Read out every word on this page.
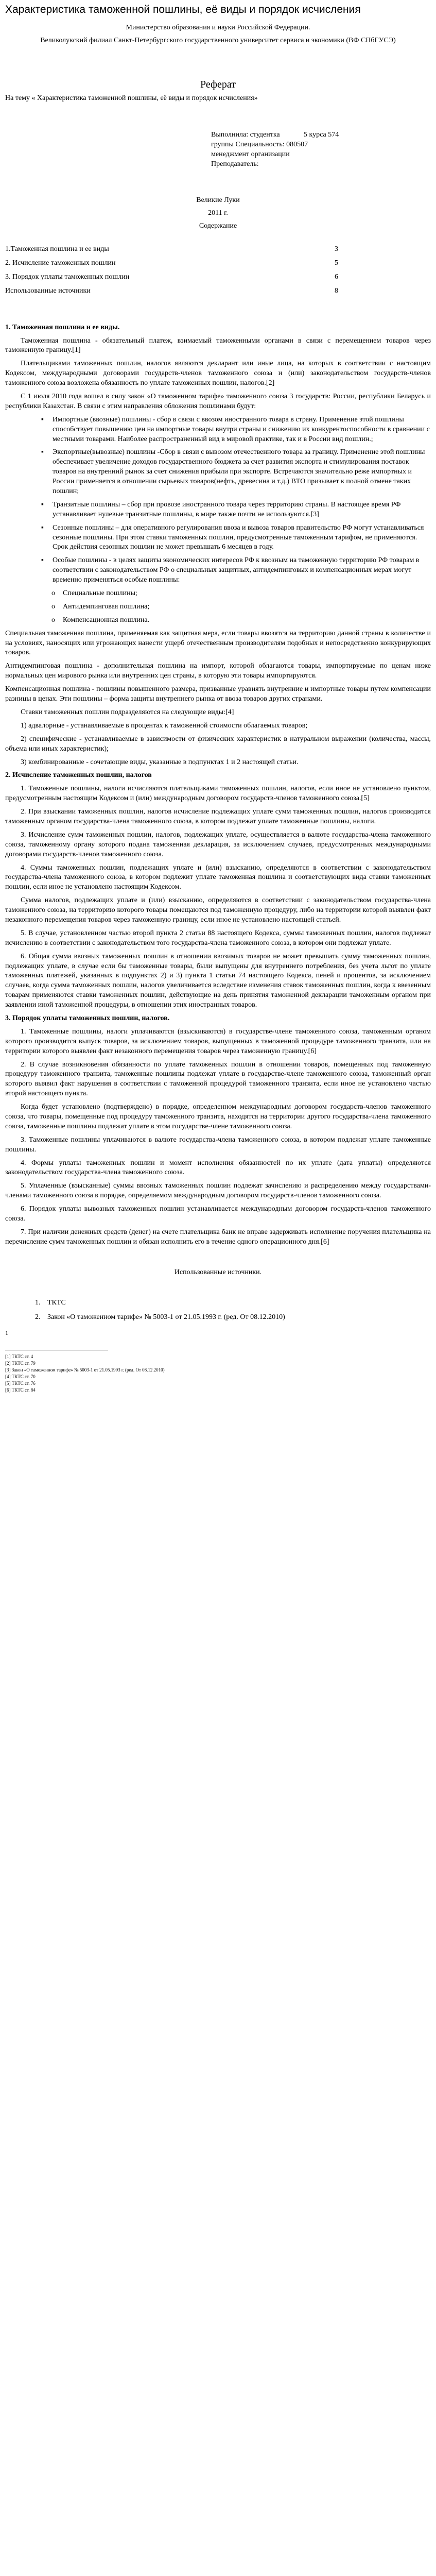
Характеристика таможенной пошлины, её виды и порядок исчисления

Министерство образования и науки Российской Федерации.

Великолукский филиал Санкт-Петербургского государственного университет сервиса и экономики (ВФ СПбГУСЭ)

Реферат

На тему « Характеристика таможенной пошлины, её виды и порядок исчисления»

Выполнила: студентка	5 курса 574
группы Специальность: 080507
менеджмент организации
Преподаватель:

Великие Луки

2011 г.

Содержание

1.Таможенная пошлина и ее виды	3
2. Исчисление таможенных пошлин	5
3. Порядок уплаты таможенных пошлин	6
Использованные источники	8

1. Таможенная пошлина и ее виды.

Таможенная пошлина - обязательный платеж, взимаемый таможенными органами в связи с перемещением товаров через таможенную границу.[1]

Плательщиками таможенных пошлин, налогов являются декларант или иные лица, на которых в соответствии с настоящим Кодексом, международными договорами государств-членов таможенного союза и (или) законодательством государств-членов таможенного союза возложена обязанность по уплате таможенных пошлин, налогов.[2]

С 1 июля 2010 года вошел в силу закон «О таможенном тарифе» таможенного союза 3 государств: России, республики Беларусь и республики Казахстан. В связи с этим направления обложения пошлинами будут:

▪	Импортные (ввозные) пошлины - сбор в связи с ввозом иностранного товара в страну. Применение этой пошлины способствует повышению цен на импортные товары внутри страны и снижению их конкурентоспособности в сравнении с местными товарами. Наиболее распространенный вид в мировой практике, так и в России вид пошлин.;
▪	Экспортные(вывозные) пошлины -Сбор в связи с вывозом отечественного товара за границу. Применение этой пошлины обеспечивает увеличение доходов государственного бюджета за счет развития экспорта и стимулирования поставок товаров на внутренний рынок за счет снижения прибыли при экспорте. Встречаются значительно реже импортных и России применяется в отношении сырьевых товаров(нефть, древесина и т.д.) ВТО призывает к полной отмене таких пошлин;
▪	Транзитные пошлины – сбор при провозе иностранного товара через территорию страны. В настоящее время РФ устанавливает нулевые транзитные пошлины, в мире также почти не используются.[3]
▪	Сезонные пошлины – для оперативного регулирования ввоза и вывоза товаров правительство РФ могут устанавливаться сезонные пошлины. При этом ставки таможенных пошлин, предусмотренные таможенным тарифом, не применяются. Срок действия сезонных пошлин не может превышать 6 месяцев в году.
▪	Особые пошлины - в целях защиты экономических интересов РФ к ввозным на таможенную территорию РФ товарам в соответствии с законодательством РФ о специальных защитных, антидемпинговых и компенсационных мерах могут временно применяться особые пошлины:
o	Специальные пошлины;
o	Антидемпинговая пошлина;
o	Компенсационная пошлина.

Специальная таможенная пошлина, применяемая как защитная мера, если товары ввозятся на территорию данной страны в количестве и на условиях, наносящих или угрожающих нанести ущерб отечественным производителям подобных и непосредственно конкурирующих товаров.

Антидемпинговая пошлина - дополнительная пошлина на импорт, которой облагаются товары, импортируемые по ценам ниже нормальных цен мирового рынка или внутренних цен страны, в которую эти товары импортируются.

Компенсационная пошлина - пошлины повышенного размера, призванные уравнять внутренние и импортные товары путем компенсации разницы в ценах. Эти пошлины – форма защиты внутреннего рынка от ввоза товаров других странами.

Ставки таможенных пошлин подразделяются на следующие виды:[4]

1) адвалорные - устанавливаемые в процентах к таможенной стоимости облагаемых товаров;

2) специфические - устанавливаемые в зависимости от физических характеристик в натуральном выражении (количества, массы, объема или иных характеристик);

3) комбинированные - сочетающие виды, указанные в подпунктах 1 и 2 настоящей статьи.

2. Исчисление таможенных пошлин, налогов

1. Таможенные пошлины, налоги исчисляются плательщиками таможенных пошлин, налогов, если иное не установлено пунктом, предусмотренным настоящим Кодексом и (или) международным договором государств-членов таможенного союза.[5]

2. При взыскании таможенных пошлин, налогов исчисление подлежащих уплате сумм таможенных пошлин, налогов производится таможенным органом государства-члена таможенного союза, в котором подлежат уплате таможенные пошлины, налоги.

3. Исчисление сумм таможенных пошлин, налогов, подлежащих уплате, осуществляется в валюте государства-члена таможенного союза, таможенному органу которого подана таможенная декларация, за исключением случаев, предусмотренных международными договорами государств-членов таможенного союза.

4. Суммы таможенных пошлин, подлежащих уплате и (или) взысканию, определяются в соответствии с законодательством государства-члена таможенного союза, в котором подлежит уплате таможенная пошлина и соответствующих вида ставки таможенных пошлин, если иное не установлено настоящим Кодексом.

Сумма налогов, подлежащих уплате и (или) взысканию, определяются в соответствии с законодательством государства-члена таможенного союза, на территорию которого товары помещаются под таможенную процедуру, либо на территории которой выявлен факт незаконного перемещения товаров через таможенную границу, если иное не установлено настоящей статьей.

5. В случае, установленном частью второй пункта 2 статьи 88 настоящего Кодекса, суммы таможенных пошлин, налогов подлежат исчислению в соответствии с законодательством того государства-члена таможенного союза, в котором они подлежат уплате.

6. Общая сумма ввозных таможенных пошлин в отношении ввозимых товаров не может превышать сумму таможенных пошлин, подлежащих уплате, в случае если бы таможенные товары, были выпущены для внутреннего потребления, без учета льгот по уплате таможенных платежей, указанных в подпунктах 2) и 3) пункта 1 статьи 74 настоящего Кодекса, пеней и процентов, за исключением случаев, когда сумма таможенных пошлин, налогов увеличивается вследствие изменения ставок таможенных пошлин, когда к ввезенным товарам применяются ставки таможенных пошлин, действующие на день принятия таможенной декларации таможенным органом при заявлении иной таможенной процедуры, в отношении этих иностранных товаров.

3. Порядок уплаты таможенных пошлин, налогов.

1. Таможенные пошлины, налоги уплачиваются (взыскиваются) в государстве-члене таможенного союза, таможенным органом которого производится выпуск товаров, за исключением товаров, выпущенных в таможенной процедуре таможенного транзита, или на территории которого выявлен факт незаконного перемещения товаров через таможенную границу.[6]

2. В случае возникновения обязанности по уплате таможенных пошлин в отношении товаров, помещенных под таможенную процедуру таможенного транзита, таможенные пошлины подлежат уплате в государстве-члене таможенного союза, таможенный орган которого выявил факт нарушения в соответствии с таможенной процедурой таможенного транзита, если иное не установлено частью второй настоящего пункта.

Когда будет установлено (подтверждено) в порядке, определенном международным договором государств-членов таможенного союза, что товары, помещенные под процедуру таможенного транзита, находятся на территории другого государства-члена таможенного союза, таможенные пошлины подлежат уплате в этом государстве-члене таможенного союза.

3. Таможенные пошлины уплачиваются в валюте государства-члена таможенного союза, в котором подлежат уплате таможенные пошлины.

4. Формы уплаты таможенных пошлин и момент исполнения обязанностей по их уплате (дата уплаты) определяются законодательством государства-члена таможенного союза.

5. Уплаченные (взысканные) суммы ввозных таможенных пошлин подлежат зачислению и распределению между государствами-членами таможенного союза в порядке, определяемом международным договором государств-членов таможенного союза.

6. Порядок уплаты вывозных таможенных пошлин устанавливается международным договором государств-членов таможенного союза.

7. При наличии денежных средств (денег) на счете плательщика банк не вправе задерживать исполнение поручения плательщика на перечисление сумм таможенных пошлин и обязан исполнить его в течение одного операционного дня.[6]

Использованные источники.

1. ТКТС
2. Закон «О таможенном тарифе» № 5003-1 от 21.05.1993 г. (ред. От 08.12.2010)

1

[1] ТКТС ст. 4
[2] ТКТС ст. 79
[3] Закон «О таможенном тарифе» № 5003-1 от 21.05.1993 г. (ред. От 08.12.2010)
[4] ТКТС ст. 70
[5] ТКТС ст. 76
[6] ТКТС ст. 84
